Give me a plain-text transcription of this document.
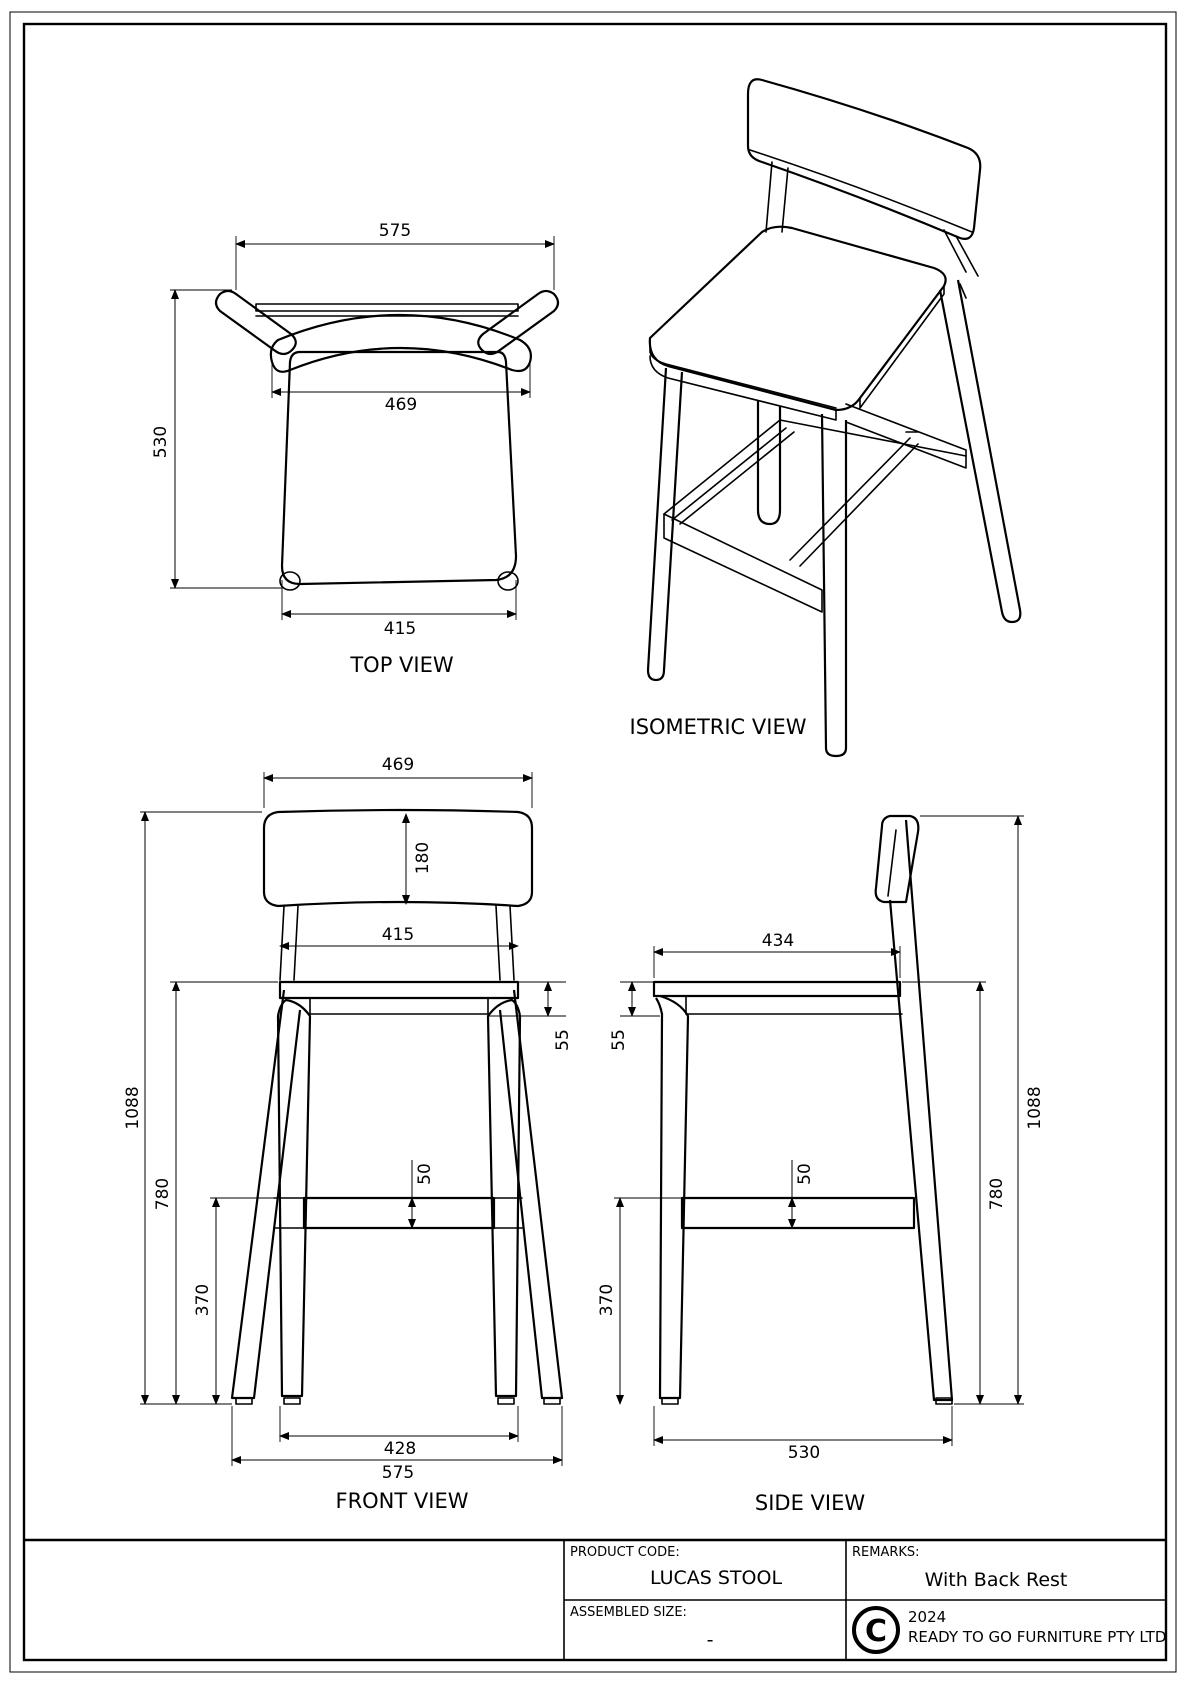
575
469
530
415
TOP VIEW
ISOMETRIC VIEW
469
180
415
55
1088
780
50
370
428
575
FRONT VIEW
434
55
1088
780
50
370
530
SIDE VIEW
PRODUCT CODE:
LUCAS STOOL
REMARKS:
With Back Rest
ASSEMBLED SIZE:
-	C 2024
READY TO GO FURNITURE PTY LTD
